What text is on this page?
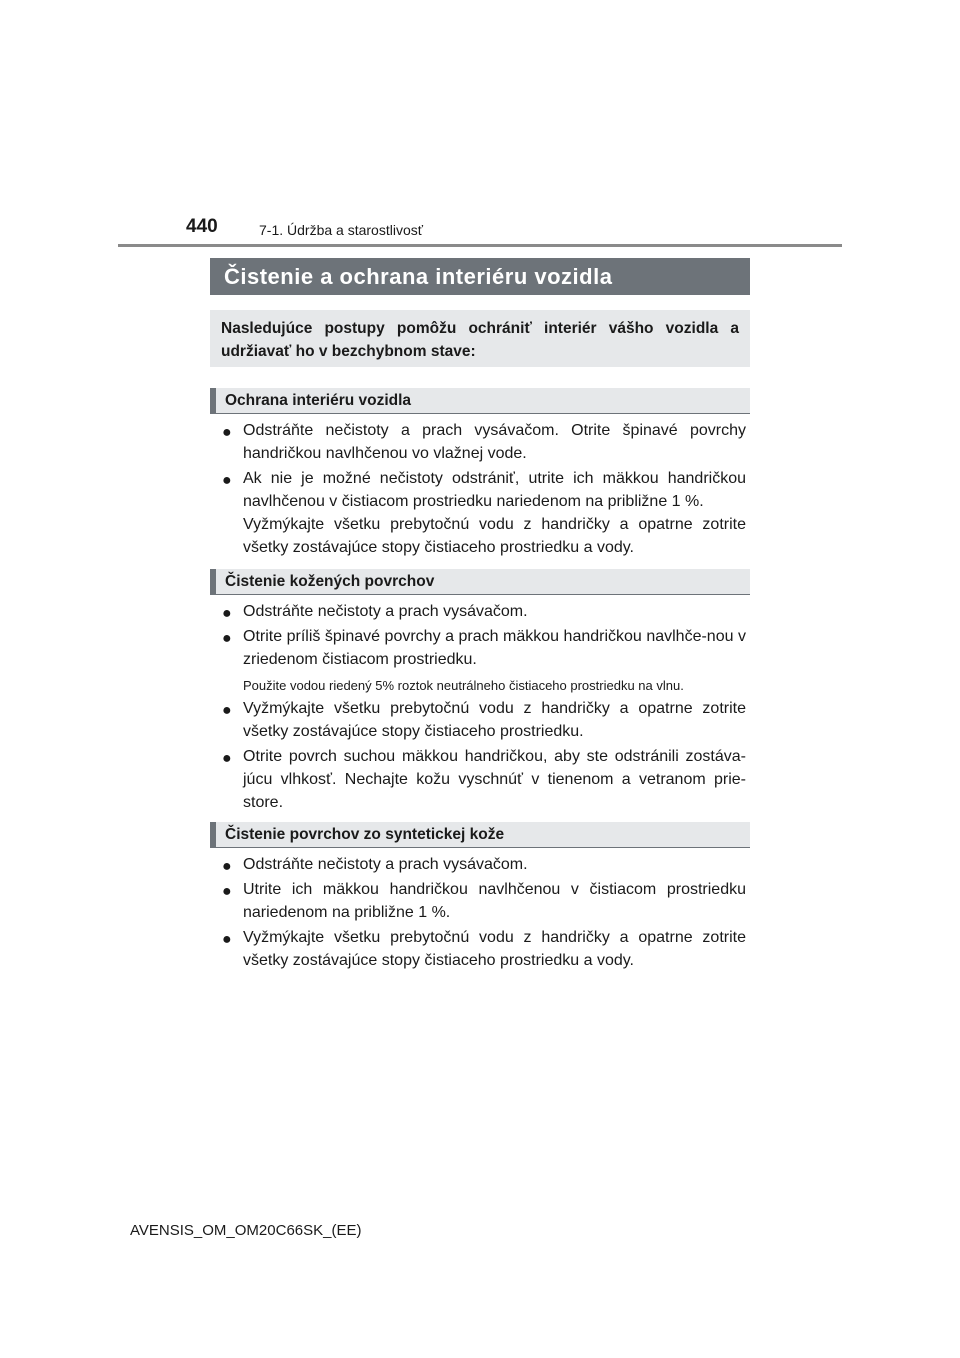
440	7-1. Údržba a starostlivosť
Čistenie a ochrana interiéru vozidla
Nasledujúce postupy pomôžu ochrániť interiér vášho vozidla a udržiavať ho v bezchybnom stave:
Ochrana interiéru vozidla
● Odstráňte nečistoty a prach vysávačom. Otrite špinavé povrchy handričkou navlhčenou vo vlažnej vode.

● Ak nie je možné nečistoty odstrániť, utrite ich mäkkou handričkou navlhčenou v čistiacom prostriedku nariedenom na približne 1 %.

Vyžmýkajte všetku prebytočnú vodu z handričky a opatrne zotrite všetky zostávajúce stopy čistiaceho prostriedku a vody.

Čistenie kožených povrchov
● Odstráňte nečistoty a prach vysávačom.

● Otrite príliš špinavé povrchy a prach mäkkou handričkou navlhče-nou v zriedenom čistiacom prostriedku.

Použite vodou riedený 5% roztok neutrálneho čistiaceho prostriedku na vlnu.

● Vyžmýkajte všetku prebytočnú vodu z handričky a opatrne zotrite všetky zostávajúce stopy čistiaceho prostriedku.

● Otrite povrch suchou mäkkou handričkou, aby ste odstránili zostáva-júcu vlhkosť. Nechajte kožu vyschnúť v tienenom a vetranom prie-store.

Čistenie povrchov zo syntetickej kože
● Odstráňte nečistoty a prach vysávačom.

● Utrite ich mäkkou handričkou navlhčenou v čistiacom prostriedku nariedenom na približne 1 %.

● Vyžmýkajte všetku prebytočnú vodu z handričky a opatrne zotrite všetky zostávajúce stopy čistiaceho prostriedku a vody.

AVENSIS_OM_OM20C66SK_(EE)
